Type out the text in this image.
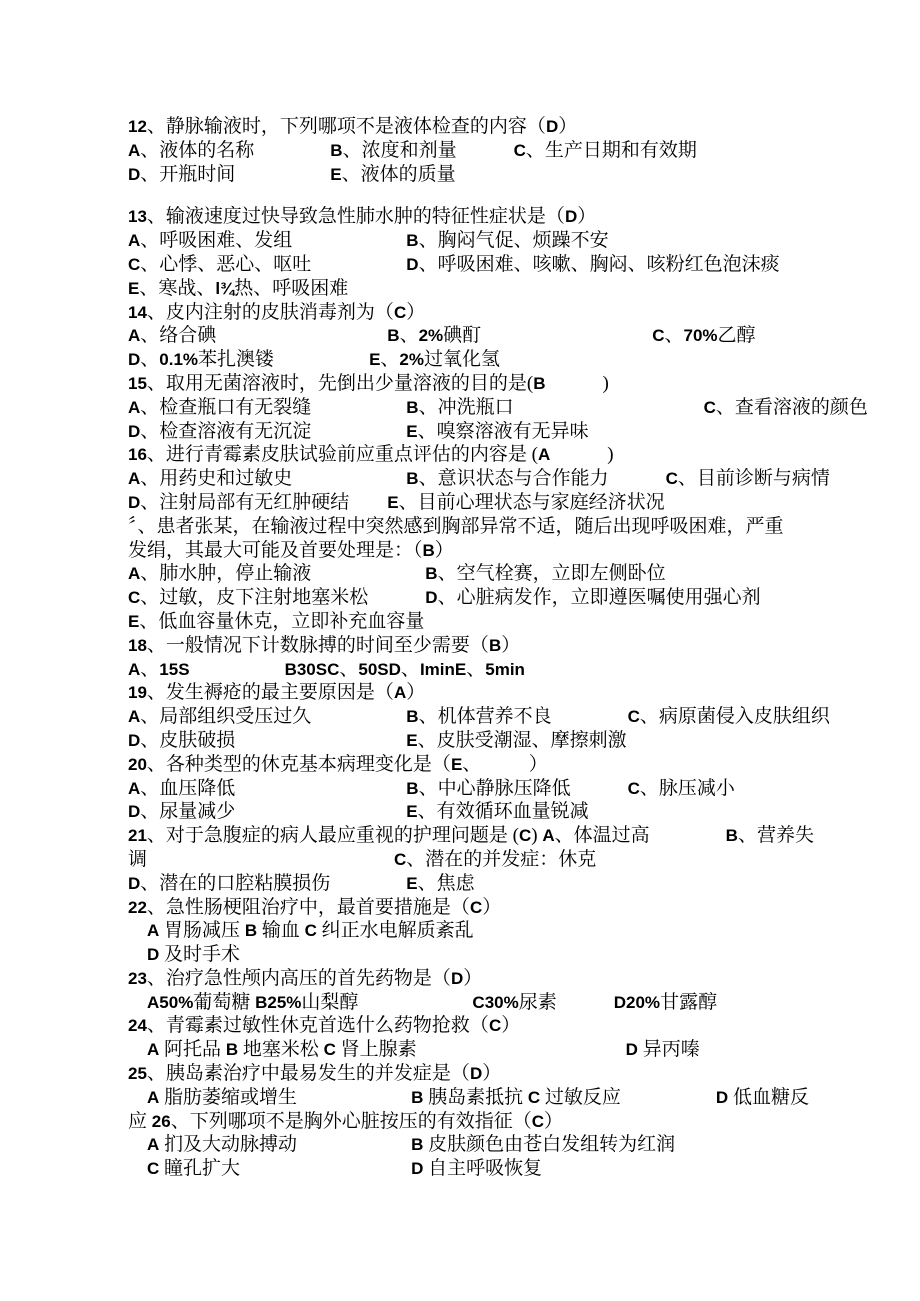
12、静脉输液时，下列哪项不是液体检查的内容（D）
A、液体的名称　　　　B、浓度和剂量　　　C、生产日期和有效期
D、开瓶时间　　　　　E、液体的质量
13、输液速度过快导致急性肺水肿的特征性症状是（D）
A、呼吸困难、发组　　　　　　B、胸闷气促、烦躁不安
C、心悸、恶心、呕吐　　　　　D、呼吸困难、咳嗽、胸闷、咳粉红色泡沫痰
E、寒战、l¾热、呼吸困难
14、皮内注射的皮肤消毒剂为（C）
A、络合碘　　　　　　　　　B、2%碘酊　　　　　　　　　C、70%乙醇
D、0.1%苯扎澳镂　　　　　E、2%过氧化氢
15、取用无菌溶液时，先倒出少量溶液的目的是(B　　　)
A、检查瓶口有无裂缝　　　　　B、冲洗瓶口　　　　　　　　　　C、查看溶液的颜色
D、检查溶液有无沉淀　　　　　E、嗅察溶液有无异味
16、进行青霉素皮肤试验前应重点评估的内容是 (A　　　)
A、用药史和过敏史　　　　　　B、意识状态与合作能力　　　C、目前诊断与病情
D、注射局部有无红肿硬结　　E、目前心理状态与家庭经济状况
〞、患者张某，在输液过程中突然感到胸部异常不适，随后出现呼吸困难，严重
发绢，其最大可能及首要处理是：（B）
A、肺水肿，停止输液　　　　　　B、空气栓赛，立即左侧卧位
C、过敏，皮下注射地塞米松　　　D、心脏病发作，立即遵医嘱使用强心剂
E、低血容量休克，立即补充血容量
18、一般情况下计数脉搏的时间至少需要（B）
A、15S　　　　　	B30SC、50SD、IminE、5min
19、发生褥疮的最主要原因是（A）
A、局部组织受压过久　　　　　B、机体营养不良　　　　C、病原菌侵入皮肤组织
D、皮肤破损　　　　　　　　　E、皮肤受潮湿、摩擦刺激
20、各种类型的休克基本病理变化是（E、　　　）
A、血压降低　　　　　　　　　B、中心静脉压降低　　　C、脉压减小
D、尿量减少　　　　　　　　　E、有效循环血量锐减
21、对于急腹症的病人最应重视的护理问题是 (C) A、体温过高　　　　B、营养失
调　　　　　　　　　　　　　C、潜在的并发症：休克
D、潜在的口腔粘膜损伤　　　　E、焦虑
22、急性肠梗阻治疗中，最首要措施是（C）
　A 胃肠减压 B 输血 C 纠正水电解质紊乱
　D 及时手术
23、治疗急性颅内高压的首先药物是（D）
　A50%葡萄糖 B25%山梨醇　　　　　　C30%尿素　　　D20%甘露醇
24、青霉素过敏性休克首选什么药物抢救（C）
　A 阿托品 B 地塞米松 C 肾上腺素　　　　　　　　　　　D 异丙嗪
25、胰岛素治疗中最易发生的并发症是（D）
　A 脂肪萎缩或增生　　　　　　B 胰岛素抵抗 C 过敏反应　　　　　D 低血糖反
应 26、下列哪项不是胸外心脏按压的有效指征（C）
　A 扪及大动脉搏动　　　　　　B 皮肤颜色由苍白发组转为红润
　C 瞳孔扩大　　　　　　　　　D 自主呼吸恢复
